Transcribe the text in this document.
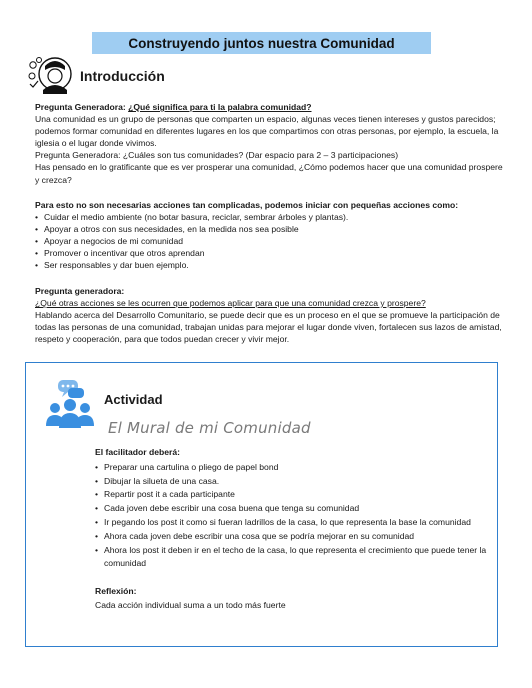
Construyendo juntos nuestra Comunidad
Introducción

Pregunta Generadora: ¿Qué significa para ti la palabra comunidad?

Una comunidad es un grupo de personas que comparten un espacio, algunas veces tienen intereses y gustos parecidos; podemos formar comunidad en diferentes lugares en los que compartimos con otras personas, por ejemplo, la escuela, la iglesia o el lugar donde vivimos.

Pregunta Generadora: ¿Cuáles son tus comunidades? (Dar espacio para 2 – 3 participaciones)

Has pensado en lo gratificante que es ver prosperar una comunidad, ¿Cómo podemos hacer que una comunidad prospere y crezca?

Para esto no son necesarias acciones tan complicadas, podemos iniciar con pequeñas acciones como:

• Cuidar el medio ambiente (no botar basura, reciclar, sembrar árboles y plantas).
• Apoyar a otros con sus necesidades, en la medida nos sea posible
• Apoyar a negocios de mi comunidad
• Promover o incentivar que otros aprendan
• Ser responsables y dar buen ejemplo.

Pregunta generadora:

¿Qué otras acciones se les ocurren que podemos aplicar para que una comunidad crezca y prospere?

Hablando acerca del Desarrollo Comunitario, se puede decir que es un proceso en el que se promueve la participación de todas las personas de una comunidad, trabajan unidas para mejorar el lugar donde viven, fortalecen sus lazos de amistad, respeto y cooperación, para que todos puedan crecer y vivir mejor.

Actividad
El Mural de mi Comunidad
El facilitador deberá:
• Preparar una cartulina o pliego de papel bond
• Dibujar la silueta de una casa.
• Repartir post it a cada participante
• Cada joven debe escribir una cosa buena que tenga su comunidad
• Ir pegando los post it como si fueran ladrillos de la casa, lo que representa la base la comunidad
• Ahora cada joven debe escribir una cosa que se podría mejorar en su comunidad
• Ahora los post it deben ir en el techo de la casa, lo que representa el crecimiento que puede tener la comunidad
Reflexión:
Cada acción individual suma a un todo más fuerte
